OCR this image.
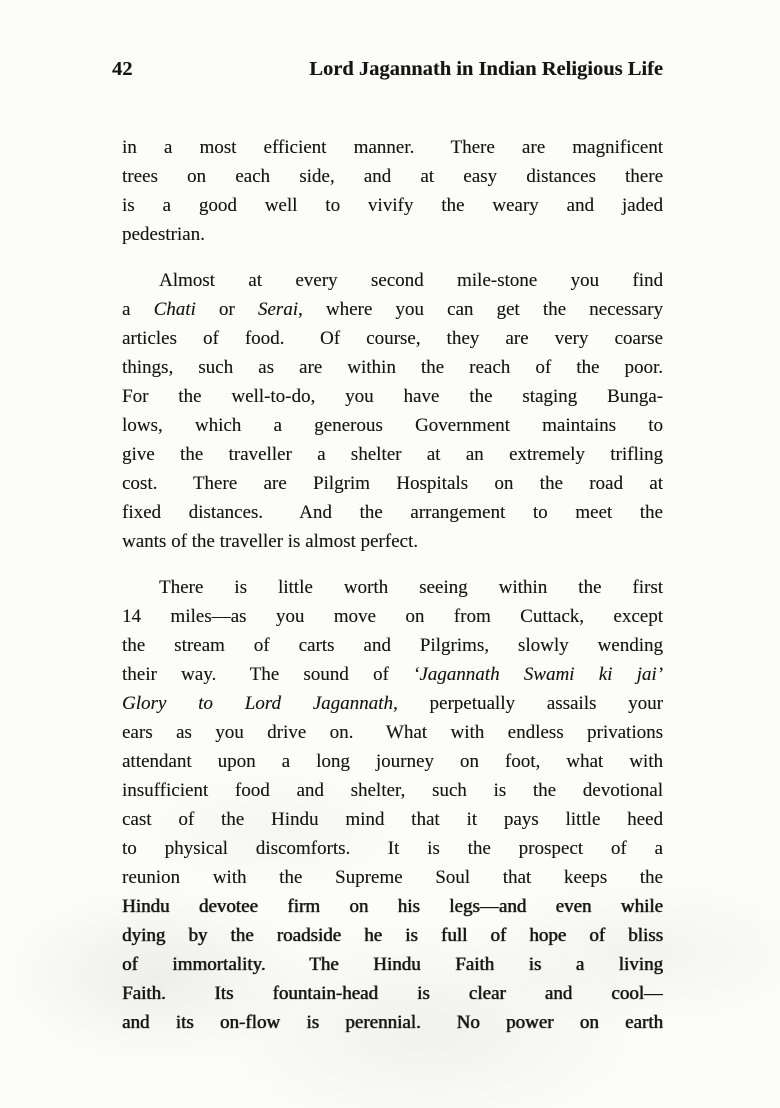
42	Lord Jagannath in Indian Religious Life
in a most efficient manner.  There are magnificent
trees on each side, and at easy distances there
is a good well to vivify the weary and jaded
pedestrian.
Almost at every second mile-stone you find
a Chati or Serai, where you can get the necessary
articles of food.  Of course, they are very coarse
things, such as are within the reach of the poor.
For the well-to-do, you have the staging Bunga-
lows, which a generous Government maintains to
give the traveller a shelter at an extremely trifling
cost.  There are Pilgrim Hospitals on the road at
fixed distances.  And the arrangement to meet the
wants of the traveller is almost perfect.
There is little worth seeing within the first
14 miles—as you move on from Cuttack, except
the stream of carts and Pilgrims, slowly wending
their way.  The sound of ‘Jagannath Swami ki jai’
Glory to Lord Jagannath, perpetually assails your
ears as you drive on.  What with endless privations
attendant upon a long journey on foot, what with
insufficient food and shelter, such is the devotional
cast of the Hindu mind that it pays little heed
to physical discomforts.  It is the prospect of a
reunion with the Supreme Soul that keeps the
Hindu devotee firm on his legs—and even while
dying by the roadside he is full of hope of bliss
of immortality.  The Hindu Faith is a living
Faith.  Its fountain-head is clear and cool—
and its on-flow is perennial.  No power on earth
